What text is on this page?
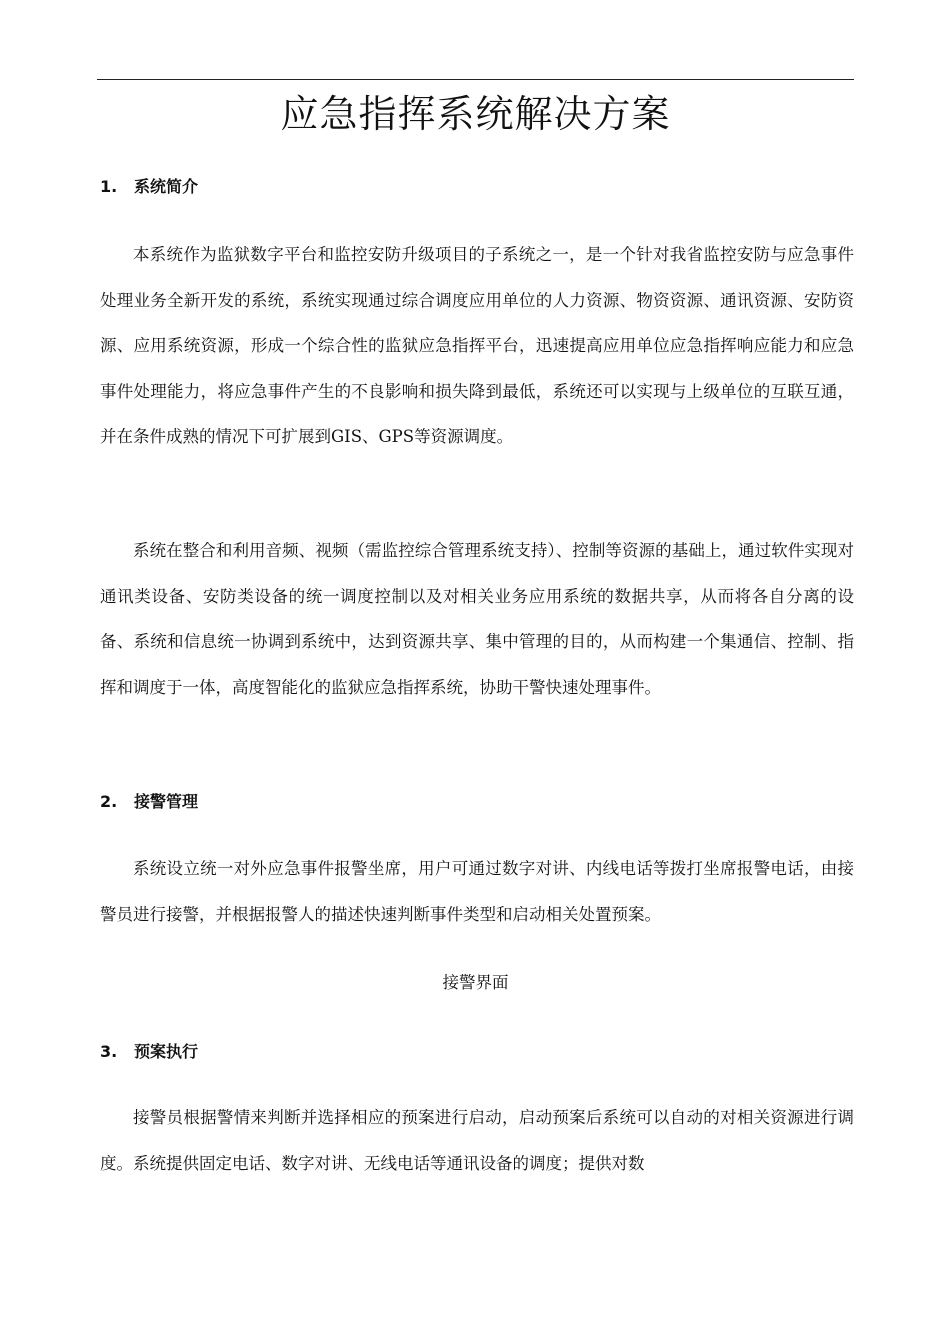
应急指挥系统解决方案
1. 系统简介

本系统作为监狱数字平台和监控安防升级项目的子系统之一，是一个针对我省监控安防与应急事件处理业务全新开发的系统，系统实现通过综合调度应用单位的人力资源、物资资源、通讯资源、安防资源、应用系统资源，形成一个综合性的监狱应急指挥平台，迅速提高应用单位应急指挥响应能力和应急事件处理能力，将应急事件产生的不良影响和损失降到最低，系统还可以实现与上级单位的互联互通，并在条件成熟的情况下可扩展到GIS、GPS等资源调度。

系统在整合和利用音频、视频（需监控综合管理系统支持）、控制等资源的基础上，通过软件实现对通讯类设备、安防类设备的统一调度控制以及对相关业务应用系统的数据共享，从而将各自分离的设备、系统和信息统一协调到系统中，达到资源共享、集中管理的目的，从而构建一个集通信、控制、指挥和调度于一体，高度智能化的监狱应急指挥系统，协助干警快速处理事件。

2. 接警管理

系统设立统一对外应急事件报警坐席，用户可通过数字对讲、内线电话等拨打坐席报警电话，由接警员进行接警，并根据报警人的描述快速判断事件类型和启动相关处置预案。

接警界面

3. 预案执行

接警员根据警情来判断并选择相应的预案进行启动，启动预案后系统可以自动的对相关资源进行调度。系统提供固定电话、数字对讲、无线电话等通讯设备的调度；提供对数
